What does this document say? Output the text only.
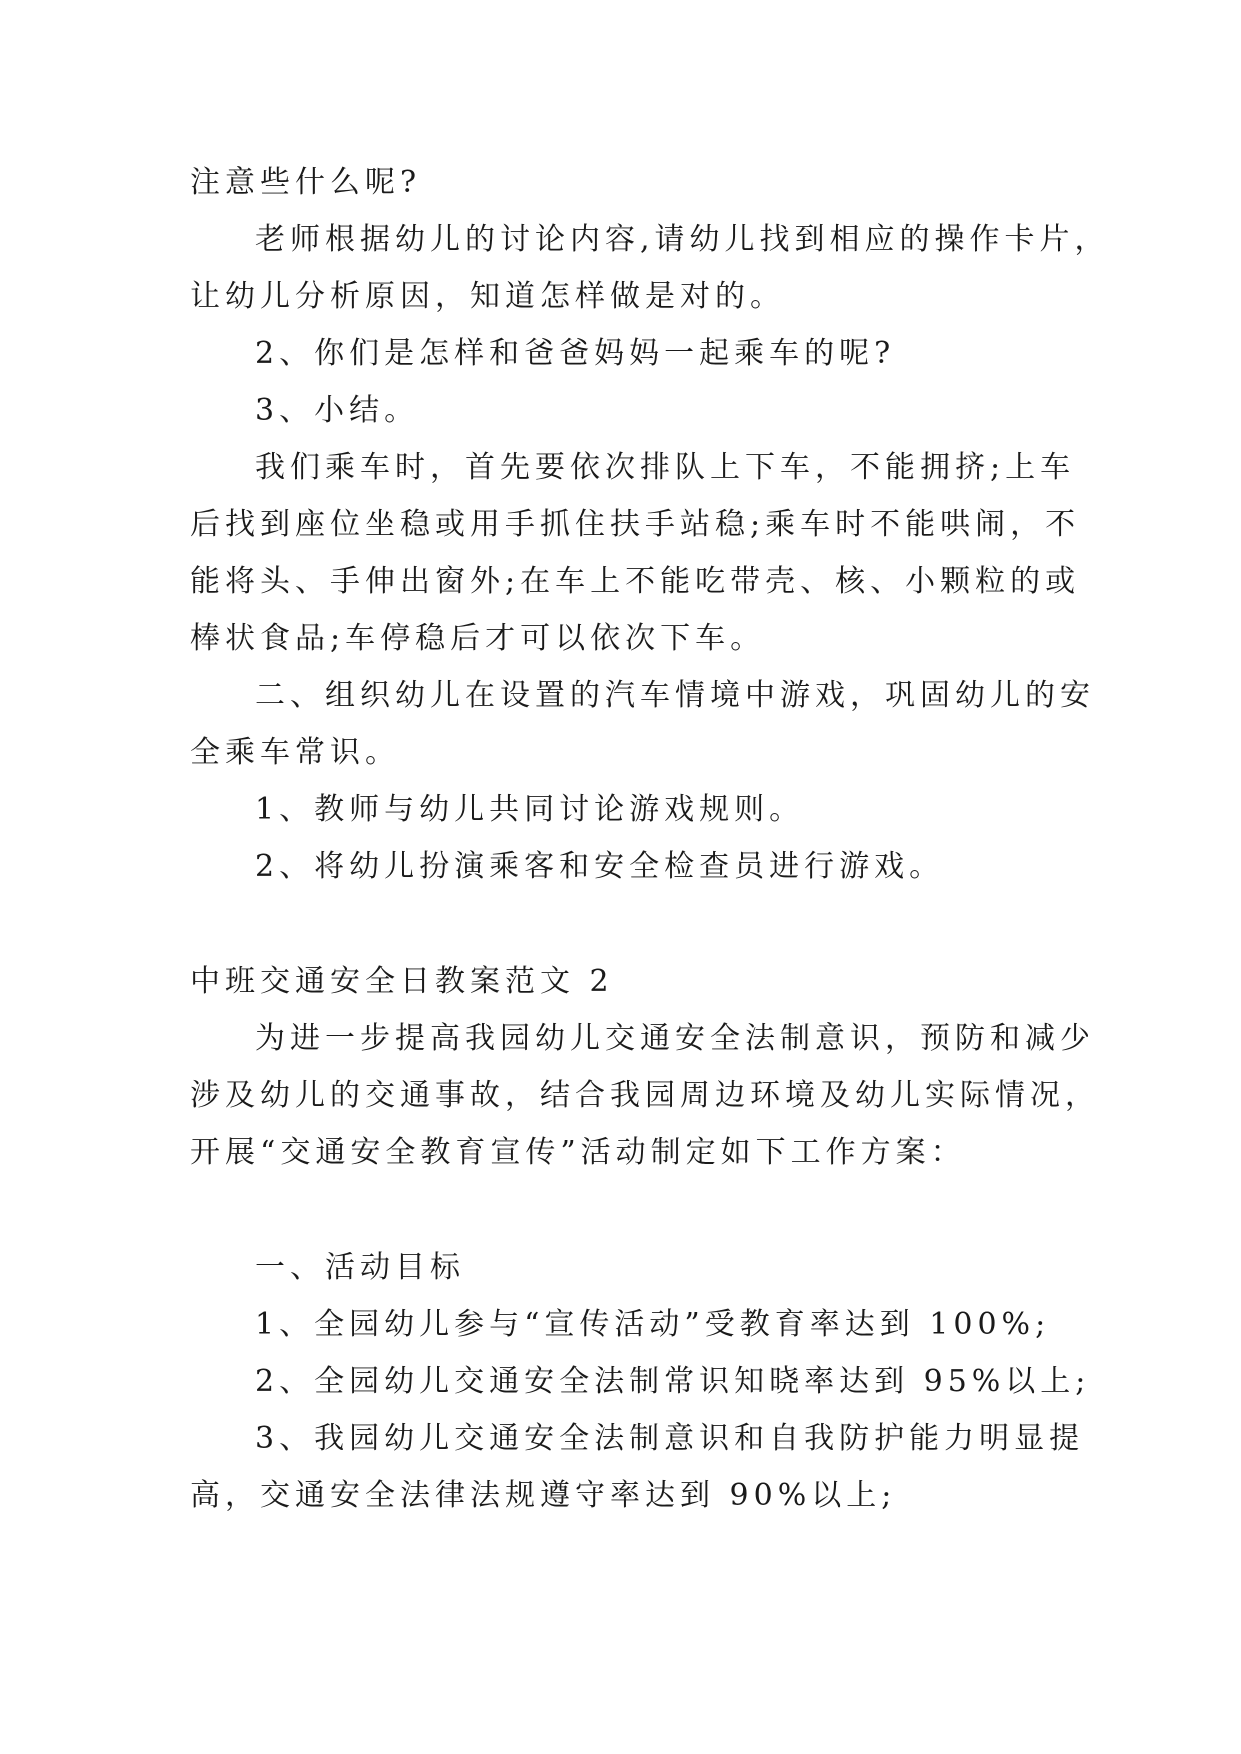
注意些什么呢?
老师根据幼儿的讨论内容,请幼儿找到相应的操作卡片，
让幼儿分析原因，知道怎样做是对的。
2、你们是怎样和爸爸妈妈一起乘车的呢?
3、小结。
我们乘车时，首先要依次排队上下车，不能拥挤;上车
后找到座位坐稳或用手抓住扶手站稳;乘车时不能哄闹，不
能将头、手伸出窗外;在车上不能吃带壳、核、小颗粒的或
棒状食品;车停稳后才可以依次下车。
二、组织幼儿在设置的汽车情境中游戏，巩固幼儿的安
全乘车常识。
1、教师与幼儿共同讨论游戏规则。
2、将幼儿扮演乘客和安全检查员进行游戏。
中班交通安全日教案范文 2
为进一步提高我园幼儿交通安全法制意识，预防和减少
涉及幼儿的交通事故，结合我园周边环境及幼儿实际情况，
开展“交通安全教育宣传”活动制定如下工作方案：
一、活动目标
1、全园幼儿参与“宣传活动”受教育率达到 100%;
2、全园幼儿交通安全法制常识知晓率达到 95%以上;
3、我园幼儿交通安全法制意识和自我防护能力明显提
高，交通安全法律法规遵守率达到 90%以上;
